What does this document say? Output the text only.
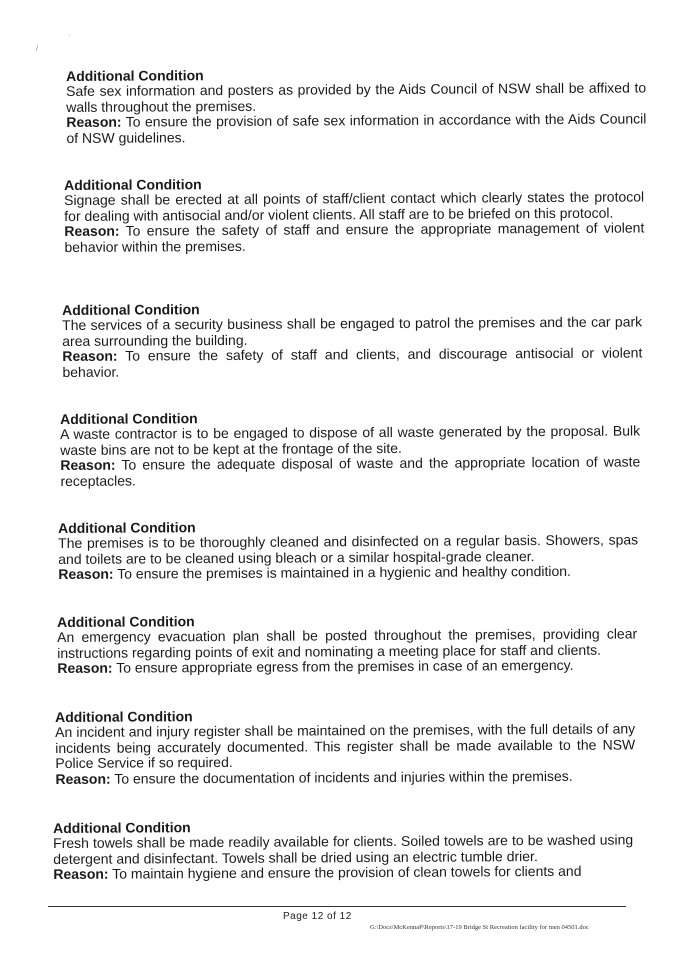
·
/

Additional Condition

Safe sex information and posters as provided by the Aids Council of NSW shall be affixed to walls throughout the premises.

Reason: To ensure the provision of safe sex information in accordance with the Aids Council of NSW guidelines.

Additional Condition

Signage shall be erected at all points of staff/client contact which clearly states the protocol for dealing with antisocial and/or violent clients. All staff are to be briefed on this protocol.

Reason: To ensure the safety of staff and ensure the appropriate management of violent behavior within the premises.

Additional Condition

The services of a security business shall be engaged to patrol the premises and the car park area surrounding the building.

Reason: To ensure the safety of staff and clients, and discourage antisocial or violent behavior.

Additional Condition

A waste contractor is to be engaged to dispose of all waste generated by the proposal. Bulk waste bins are not to be kept at the frontage of the site.

Reason: To ensure the adequate disposal of waste and the appropriate location of waste receptacles.

Additional Condition

The premises is to be thoroughly cleaned and disinfected on a regular basis. Showers, spas and toilets are to be cleaned using bleach or a similar hospital-grade cleaner.

Reason: To ensure the premises is maintained in a hygienic and healthy condition.

Additional Condition

An emergency evacuation plan shall be posted throughout the premises, providing clear instructions regarding points of exit and nominating a meeting place for staff and clients.

Reason: To ensure appropriate egress from the premises in case of an emergency.

Additional Condition

An incident and injury register shall be maintained on the premises, with the full details of any incidents being accurately documented. This register shall be made available to the NSW Police Service if so required.

Reason: To ensure the documentation of incidents and injuries within the premises.

Additional Condition

Fresh towels shall be made readily available for clients. Soiled towels are to be washed using detergent and disinfectant. Towels shall be dried using an electric tumble drier.

Reason: To maintain hygiene and ensure the provision of clean towels for clients and

Page 12 of 12
G:\Docs\McKennaP\Reports\17-19 Bridge St Recreation facility for men 04501.doc
